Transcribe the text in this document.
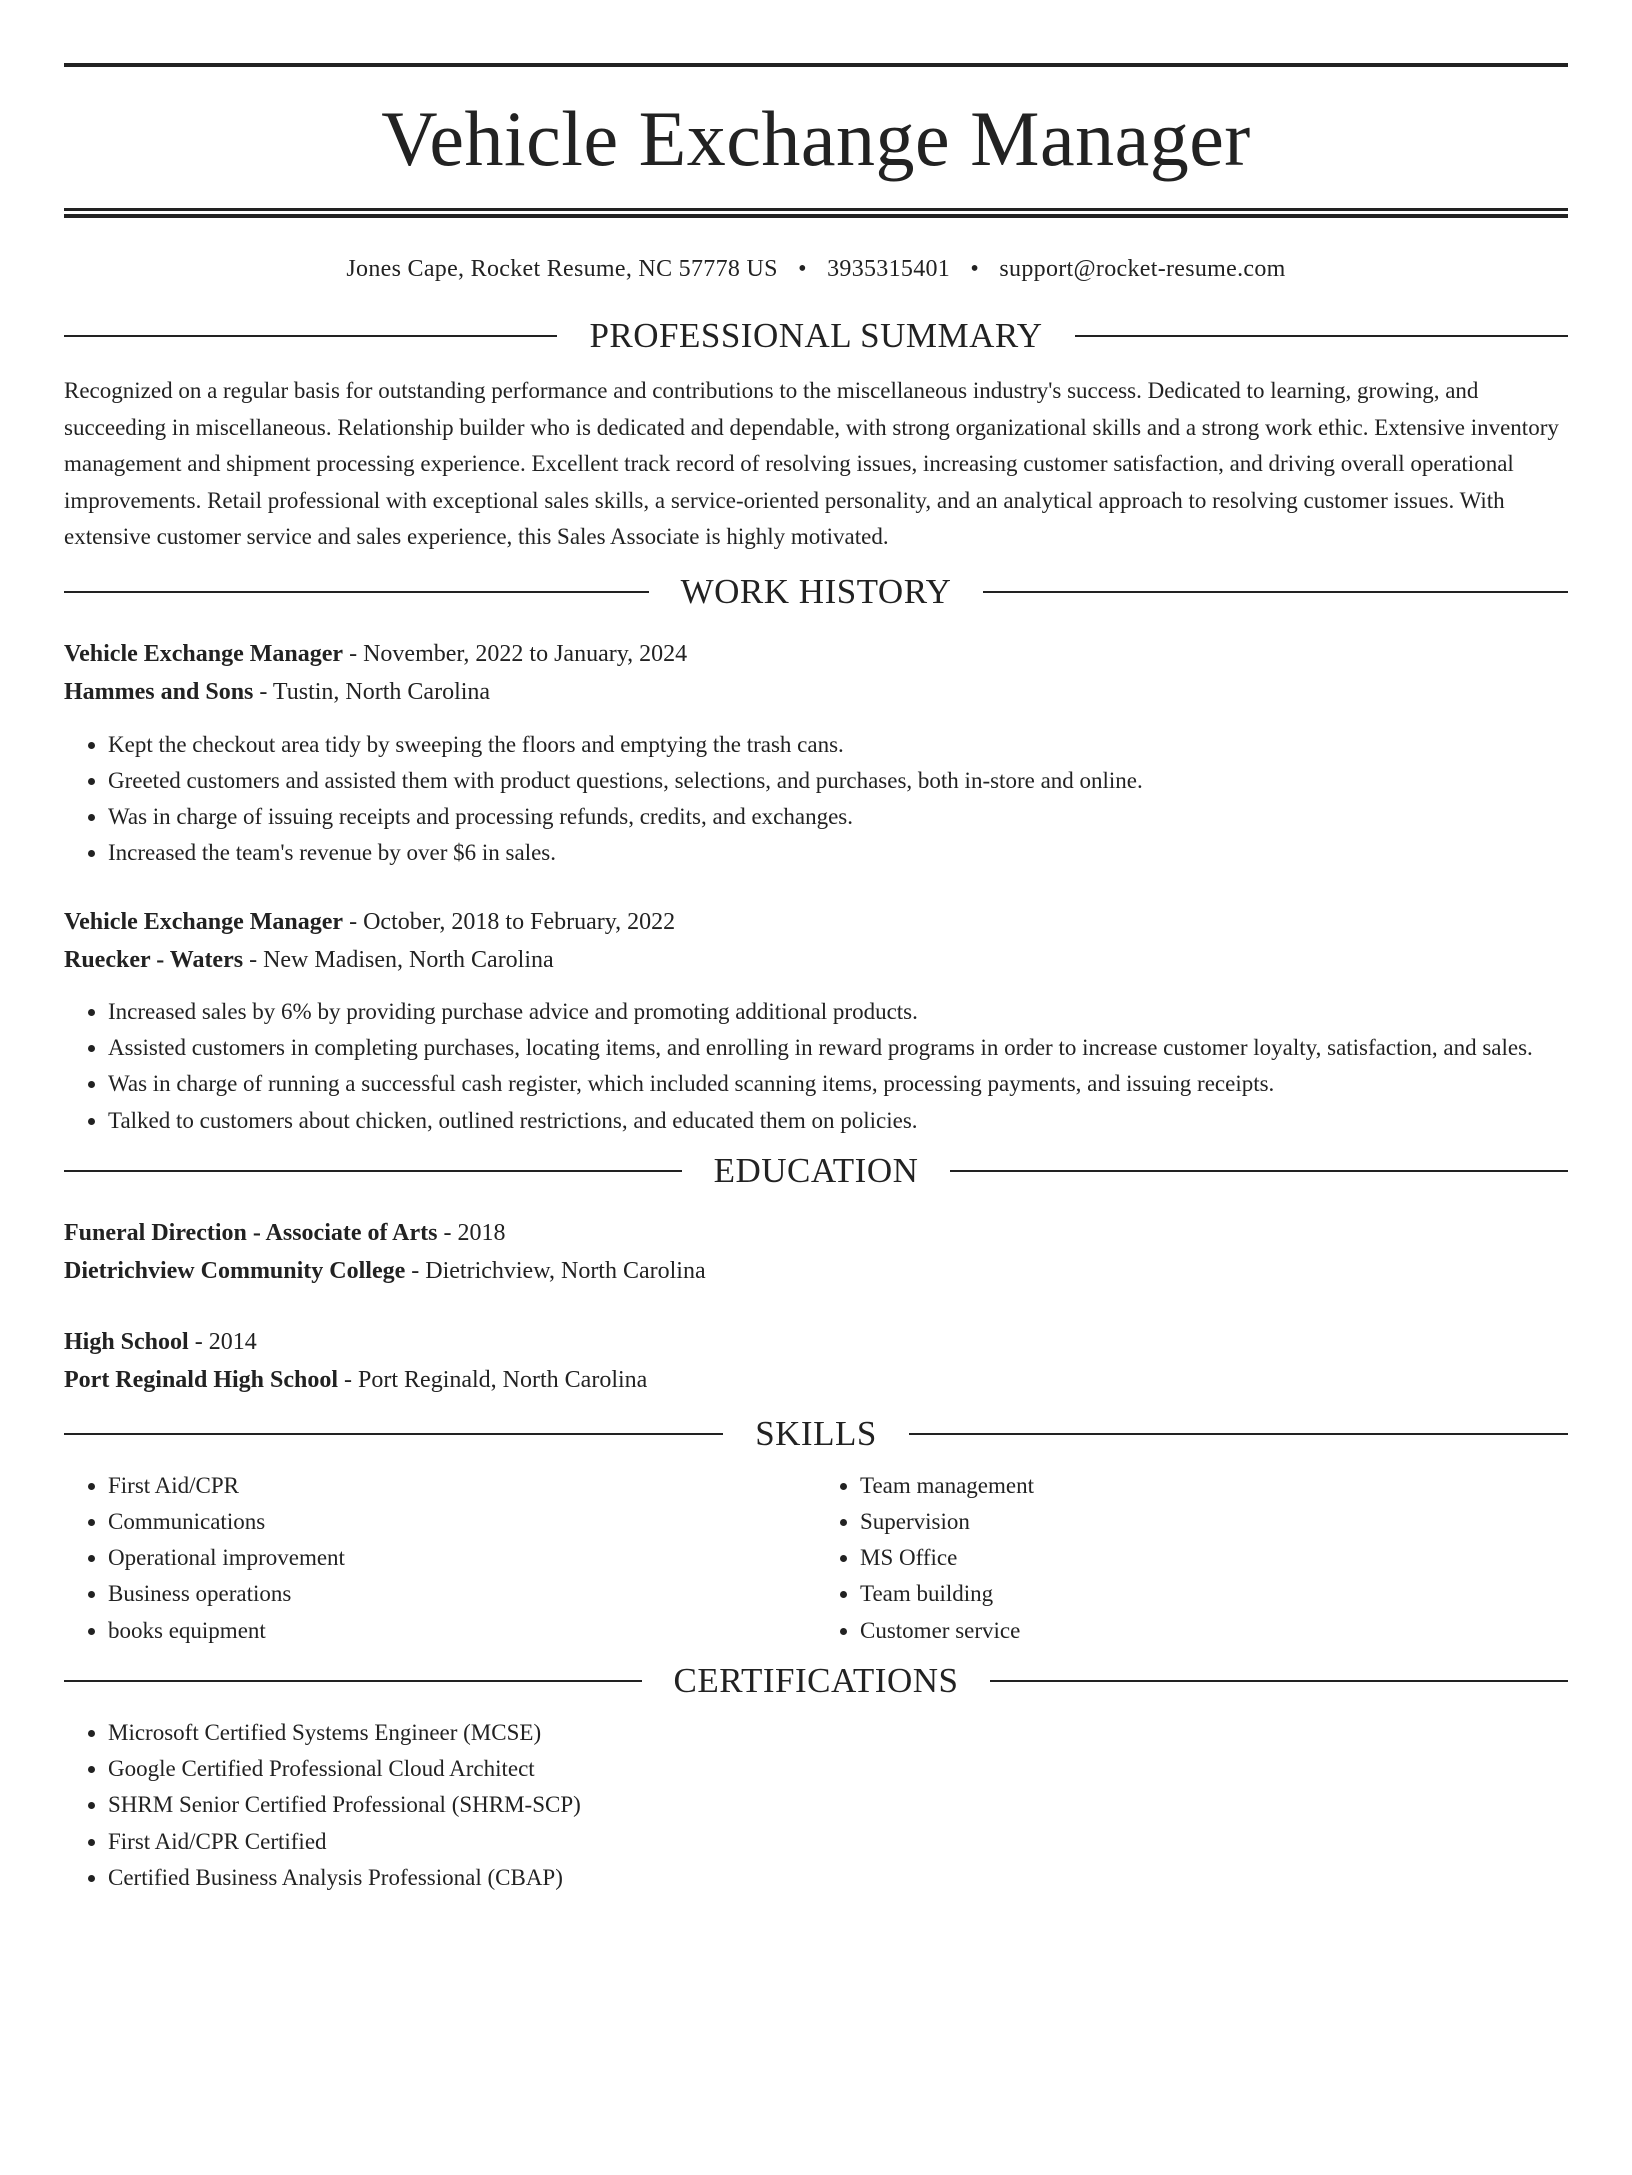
Vehicle Exchange Manager
Jones Cape, Rocket Resume, NC 57778 US • 3935315401 • support@rocket-resume.com
PROFESSIONAL SUMMARY

Recognized on a regular basis for outstanding performance and contributions to the miscellaneous industry's success. Dedicated to learning, growing, and succeeding in miscellaneous. Relationship builder who is dedicated and dependable, with strong organizational skills and a strong work ethic. Extensive inventory management and shipment processing experience. Excellent track record of resolving issues, increasing customer satisfaction, and driving overall operational improvements. Retail professional with exceptional sales skills, a service-oriented personality, and an analytical approach to resolving customer issues. With extensive customer service and sales experience, this Sales Associate is highly motivated.

WORK HISTORY
Vehicle Exchange Manager - November, 2022 to January, 2024
Hammes and Sons - Tustin, North Carolina
• Kept the checkout area tidy by sweeping the floors and emptying the trash cans.
• Greeted customers and assisted them with product questions, selections, and purchases, both in-store and online.
• Was in charge of issuing receipts and processing refunds, credits, and exchanges.
• Increased the team's revenue by over $6 in sales.
Vehicle Exchange Manager - October, 2018 to February, 2022
Ruecker - Waters - New Madisen, North Carolina
• Increased sales by 6% by providing purchase advice and promoting additional products.
• Assisted customers in completing purchases, locating items, and enrolling in reward programs in order to increase customer loyalty, satisfaction, and sales.
• Was in charge of running a successful cash register, which included scanning items, processing payments, and issuing receipts.
• Talked to customers about chicken, outlined restrictions, and educated them on policies.
EDUCATION
Funeral Direction - Associate of Arts - 2018
Dietrichview Community College - Dietrichview, North Carolina
High School - 2014
Port Reginald High School - Port Reginald, North Carolina
SKILLS
• First Aid/CPR
• Communications
• Operational improvement
• Business operations
• books equipment
• Team management
• Supervision
• MS Office
• Team building
• Customer service
CERTIFICATIONS
• Microsoft Certified Systems Engineer (MCSE)
• Google Certified Professional Cloud Architect
• SHRM Senior Certified Professional (SHRM-SCP)
• First Aid/CPR Certified
• Certified Business Analysis Professional (CBAP)
